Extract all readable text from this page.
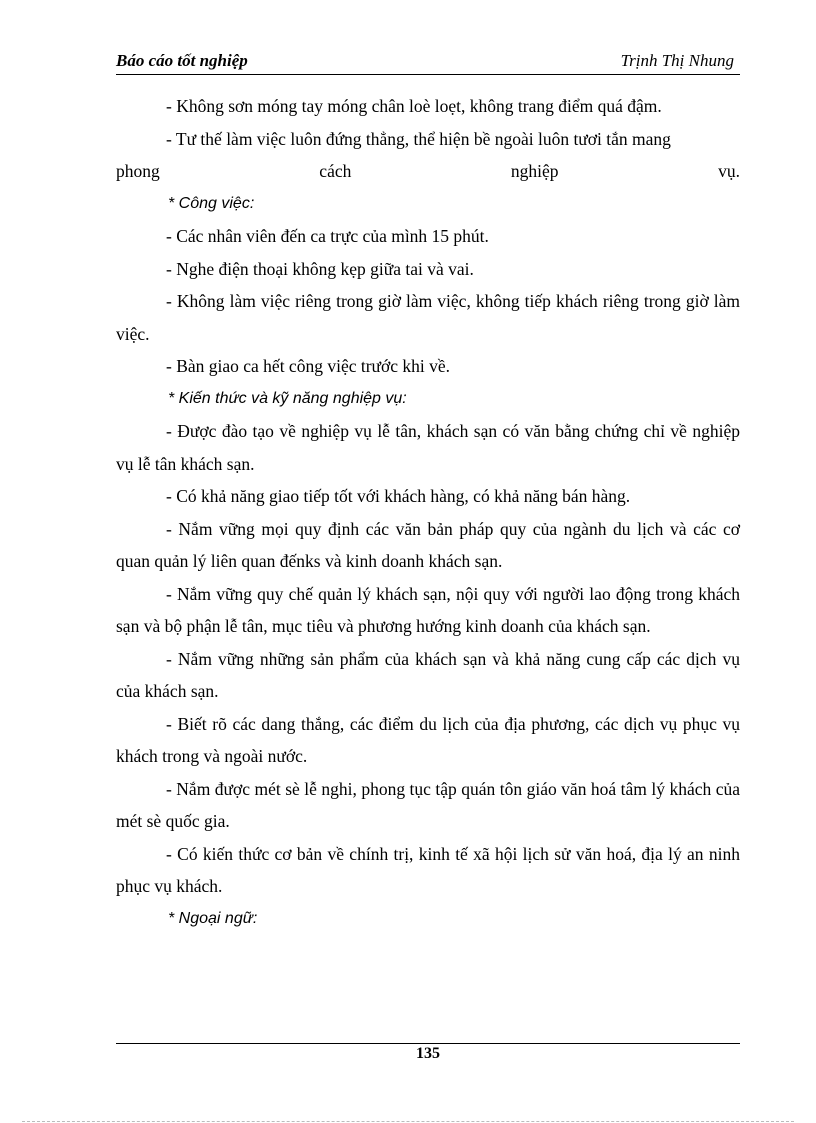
Báo cáo tốt nghiệp	Trịnh Thị Nhung

- Không sơn móng tay móng chân loè loẹt, không trang điểm quá đậm.

- Tư thế làm việc luôn đứng thẳng, thể hiện bề ngoài luôn tươi tắn mang

phong	cách	nghiệp	vụ.

* Công việc:

- Các nhân viên đến ca trực của mình 15 phút.

- Nghe điện thoại không kẹp giữa tai và vai.

- Không làm việc riêng trong giờ làm việc, không tiếp khách riêng trong giờ làm việc.

- Bàn giao ca hết công việc trước khi về.

* Kiến thức và kỹ năng nghiệp vụ:

- Được đào tạo về nghiệp vụ lễ tân, khách sạn có văn bằng chứng chỉ về nghiệp vụ lễ tân khách sạn.

- Có khả năng giao tiếp tốt với khách hàng, có khả năng bán hàng.

- Nắm vững mọi quy định các văn bản pháp quy của ngành du lịch và các cơ quan quản lý liên quan đếnks và kinh doanh khách sạn.

- Nắm vững quy chế quản lý khách sạn, nội quy với người lao động trong khách sạn và bộ phận lễ tân, mục tiêu và phương hướng kinh doanh của khách sạn.

- Nắm vững những sản phẩm của khách sạn và khả năng cung cấp các dịch vụ của khách sạn.

- Biết rõ các dang thắng, các điểm du lịch của địa phương, các dịch vụ phục vụ khách trong và ngoài nước.

- Nắm được mét sè lễ nghi, phong tục tập quán tôn giáo văn hoá tâm lý khách của mét sè quốc gia.

- Có kiến thức cơ bản về chính trị, kinh tế xã hội lịch sử văn hoá, địa lý an ninh phục vụ khách.

* Ngoại ngữ:

135
